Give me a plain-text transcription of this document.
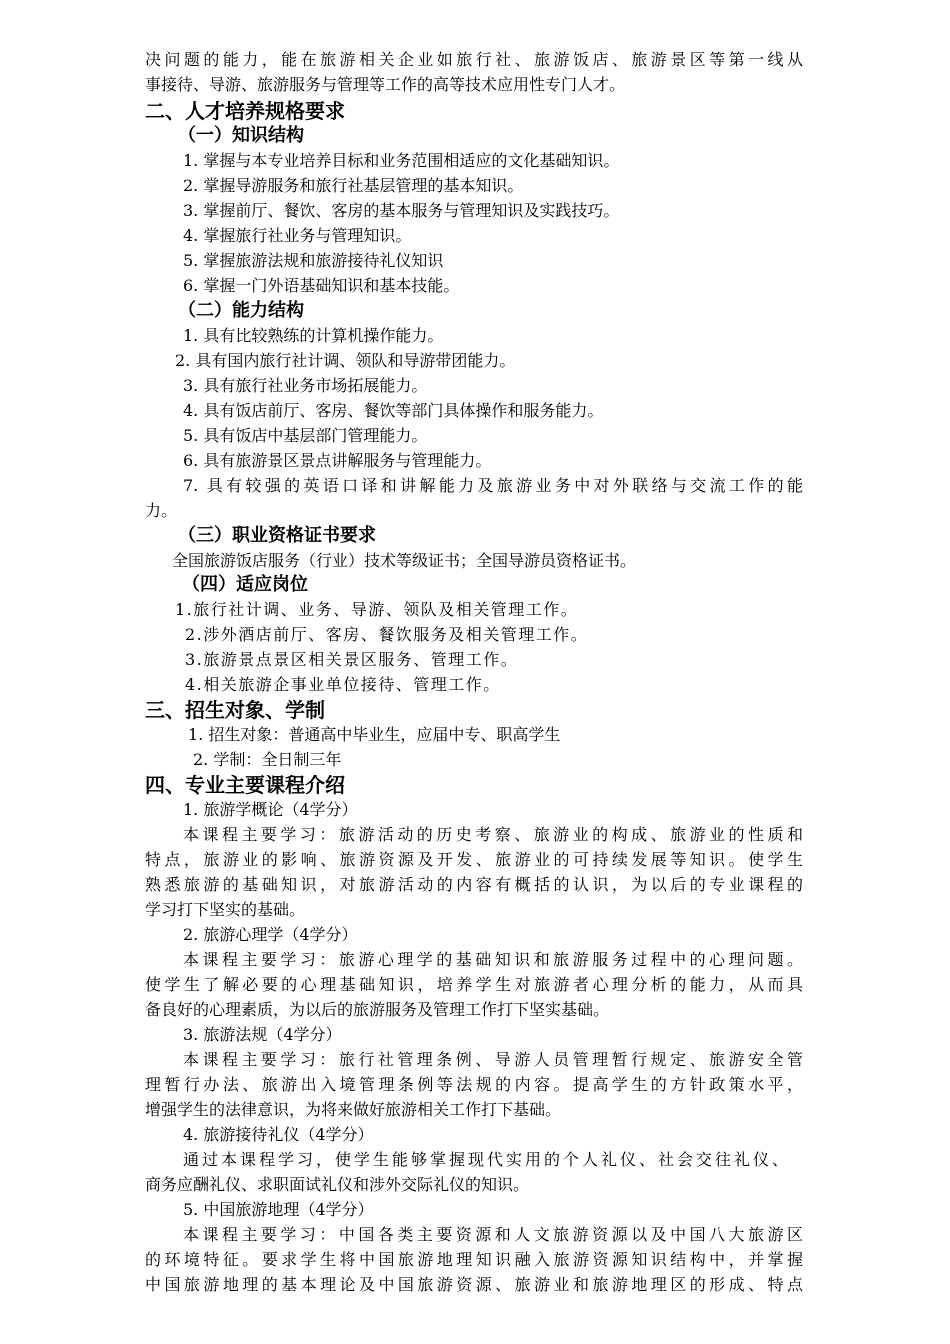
决问题的能力，能在旅游相关企业如旅行社、旅游饭店、旅游景区等第一线从
事接待、导游、旅游服务与管理等工作的高等技术应用性专门人才。
二、人才培养规格要求
（一）知识结构
1. 掌握与本专业培养目标和业务范围相适应的文化基础知识。
2. 掌握导游服务和旅行社基层管理的基本知识。
3. 掌握前厅、餐饮、客房的基本服务与管理知识及实践技巧。
4. 掌握旅行社业务与管理知识。
5. 掌握旅游法规和旅游接待礼仪知识
6. 掌握一门外语基础知识和基本技能。
（二）能力结构
1. 具有比较熟练的计算机操作能力。
2. 具有国内旅行社计调、领队和导游带团能力。
3. 具有旅行社业务市场拓展能力。
4. 具有饭店前厅、客房、餐饮等部门具体操作和服务能力。
5. 具有饭店中基层部门管理能力。
6. 具有旅游景区景点讲解服务与管理能力。
7. 具有较强的英语口译和讲解能力及旅游业务中对外联络与交流工作的能
力。
（三）职业资格证书要求
全国旅游饭店服务（行业）技术等级证书；全国导游员资格证书。
（四）适应岗位
1.旅行社计调、业务、导游、领队及相关管理工作。
2.涉外酒店前厅、客房、餐饮服务及相关管理工作。
3.旅游景点景区相关景区服务、管理工作。
4.相关旅游企事业单位接待、管理工作。
三、招生对象、学制
1. 招生对象：普通高中毕业生，应届中专、职高学生
2. 学制：全日制三年
四、专业主要课程介绍
1. 旅游学概论（4学分）
本课程主要学习：旅游活动的历史考察、旅游业的构成、旅游业的性质和
特点，旅游业的影响、旅游资源及开发、旅游业的可持续发展等知识。使学生
熟悉旅游的基础知识，对旅游活动的内容有概括的认识，为以后的专业课程的
学习打下坚实的基础。
2. 旅游心理学（4学分）
本课程主要学习：旅游心理学的基础知识和旅游服务过程中的心理问题。
使学生了解必要的心理基础知识，培养学生对旅游者心理分析的能力，从而具
备良好的心理素质，为以后的旅游服务及管理工作打下坚实基础。
3. 旅游法规（4学分）
本课程主要学习：旅行社管理条例、导游人员管理暂行规定、旅游安全管
理暂行办法、旅游出入境管理条例等法规的内容。提高学生的方针政策水平，
增强学生的法律意识，为将来做好旅游相关工作打下基础。
4. 旅游接待礼仪（4学分）
通过本课程学习，使学生能够掌握现代实用的个人礼仪、社会交往礼仪、
商务应酬礼仪、求职面试礼仪和涉外交际礼仪的知识。
5. 中国旅游地理（4学分）
本课程主要学习：中国各类主要资源和人文旅游资源以及中国八大旅游区
的环境特征。要求学生将中国旅游地理知识融入旅游资源知识结构中，并掌握
中国旅游地理的基本理论及中国旅游资源、旅游业和旅游地理区的形成、特点
